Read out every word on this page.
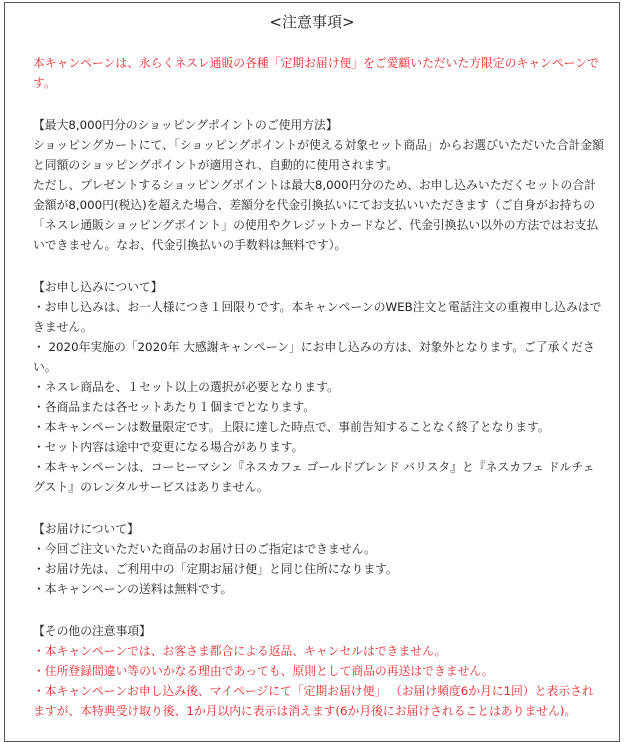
<注意事項>

本キャンペーンは、永らくネスレ通販の各種「定期お届け便」をご愛顧いただいた方限定のキャンペーンです。

【最大8,000円分のショッピングポイントのご使用方法】

ショッピングカートにて、「ショッピングポイントが使える対象セット商品」からお選びいただいた合計金額と同額のショッピングポイントが適用され、自動的に使用されます。

ただし、プレゼントするショッピングポイントは最大8,000円分のため、お申し込みいただくセットの合計金額が8,000円(税込)を超えた場合、差額分を代金引換払いにてお支払いいただきます（ご自身がお持ちの「ネスレ通販ショッピングポイント」の使用やクレジットカードなど、代金引換払い以外の方法ではお支払いできません。なお、代金引換払いの手数料は無料です）。

【お申し込みについて】

・お申し込みは、お一人様につき１回限りです。本キャンペーンのWEB注文と電話注文の重複申し込みはできません。

・ 2020年実施の「2020年 大感謝キャンペーン」にお申し込みの方は、対象外となります。ご了承ください。

・ネスレ商品を、１セット以上の選択が必要となります。

・各商品または各セットあたり１個までとなります。

・本キャンペーンは数量限定です。上限に達した時点で、事前告知することなく終了となります。

・セット内容は途中で変更になる場合があります。

・本キャンペーンは、コーヒーマシン『ネスカフェ ゴールドブレンド バリスタ』と『ネスカフェ ドルチェ グスト』のレンタルサービスはありません。

【お届けについて】

・今回ご注文いただいた商品のお届け日のご指定はできません。

・お届け先は、ご利用中の「定期お届け便」と同じ住所になります。

・本キャンペーンの送料は無料です。

【その他の注意事項】

・本キャンペーンでは、お客さま都合による返品、キャンセルはできません。

・住所登録間違い等のいかなる理由であっても、原則として商品の再送はできません。

・本キャンペーンお申し込み後、マイページにて「定期お届け便」 （お届け頻度6か月に1回）と表示されますが、本特典受け取り後、1か月以内に表示は消えます(6か月後にお届けされることはありません)。
